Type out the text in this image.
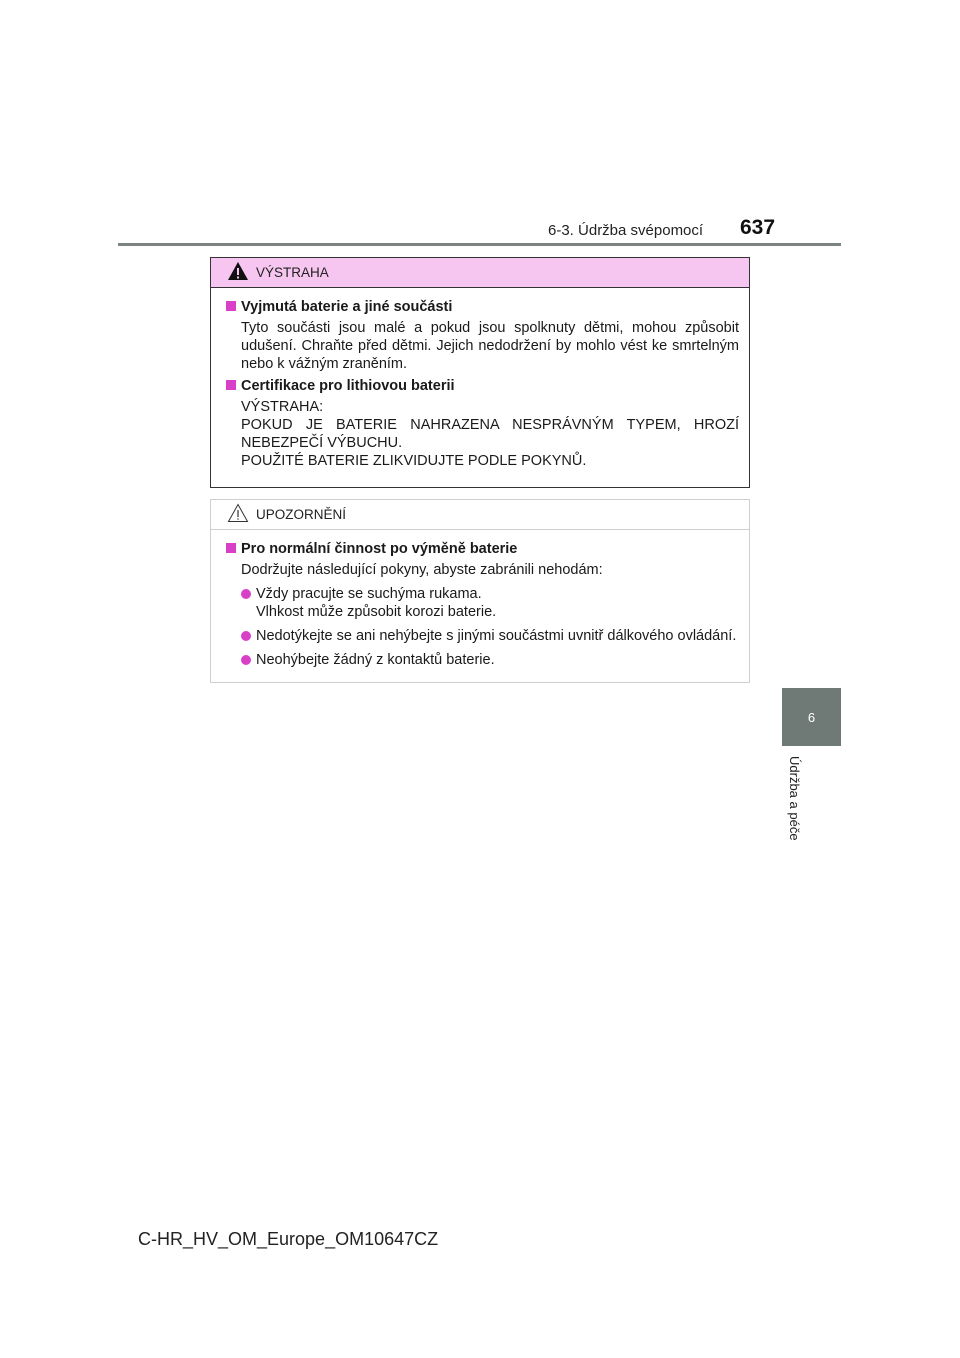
6-3. Údržba svépomocí 637
6
Údržba a péče
VÝSTRAHA
Vyjmutá baterie a jiné součásti
Tyto součásti jsou malé a pokud jsou spolknuty dětmi, mohou způsobit udušení. Chraňte před dětmi. Jejich nedodržení by mohlo vést ke smrtelným nebo k vážným zraněním.
Certifikace pro lithiovou baterii
VÝSTRAHA:
POKUD JE BATERIE NAHRAZENA NESPRÁVNÝM TYPEM, HROZÍ NEBEZPEČÍ VÝBUCHU.
POUŽITÉ BATERIE ZLIKVIDUJTE PODLE POKYNŮ.
UPOZORNĚNÍ
Pro normální činnost po výměně baterie
Dodržujte následující pokyny, abyste zabránili nehodám:
Vždy pracujte se suchýma rukama.
Vlhkost může způsobit korozi baterie.
Nedotýkejte se ani nehýbejte s jinými součástmi uvnitř dálkového ovládání.
Neohýbejte žádný z kontaktů baterie.
C-HR_HV_OM_Europe_OM10647CZ
